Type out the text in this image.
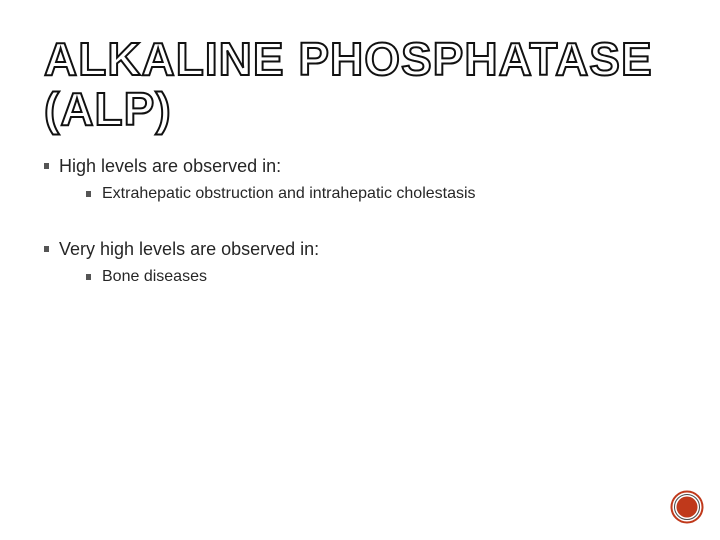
ALKALINE PHOSPHATASE (ALP)
High levels are observed in:
Extrahepatic obstruction and intrahepatic cholestasis
Very high levels are observed in:
Bone diseases
